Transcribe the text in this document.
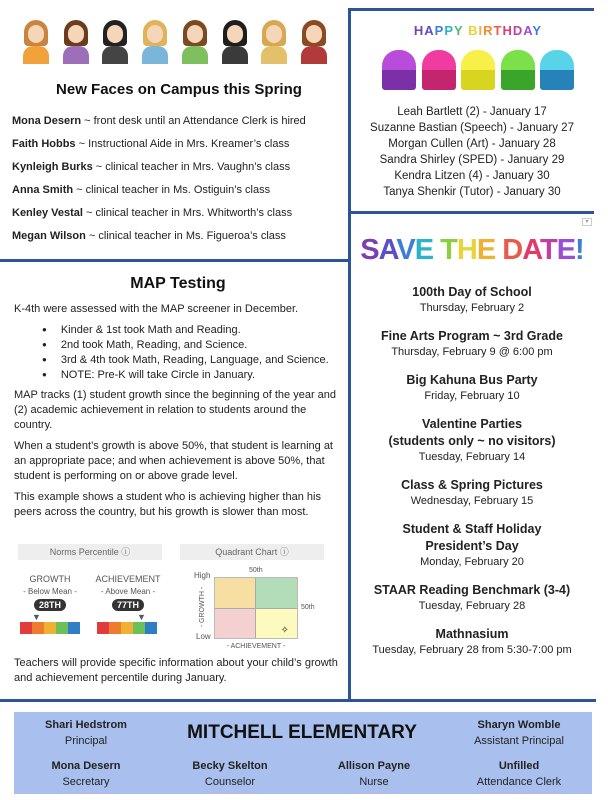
New Faces on Campus this Spring

Mona Desern ~ front desk until an Attendance Clerk is hired

Faith Hobbs ~ Instructional Aide in Mrs. Kreamer’s class

Kynleigh Burks ~ clinical teacher in Mrs. Vaughn’s class

Anna Smith ~ clinical teacher in Ms. Ostiguin’s class

Kenley Vestal ~ clinical teacher in Mrs. Whitworth’s class

Megan Wilson ~ clinical teacher in Ms. Figueroa’s class

MAP Testing

K-4th were assessed with the MAP screener in December.

● Kinder & 1st took Math and Reading.
● 2nd took Math, Reading, and Science.
● 3rd & 4th took Math, Reading, Language, and Science.
● NOTE: Pre-K will take Circle in January.

MAP tracks (1) student growth since the beginning of the year and (2) academic achievement in relation to students around the country.

When a student’s growth is above 50%, that student is learning at an appropriate pace; and when achievement is above 50%, that student is performing on or above grade level.

This example shows a student who is achieving higher than his peers across the country, but his growth is slower than most.

Norms Percentile ⓘ
GROWTH
- Below Mean -
28TH
▼
ACHIEVEMENT
- Above Mean -
77TH
▼
Quadrant Chart ⓘ
✧
High
Low
50th
50th
- GROWTH -
- ACHIEVEMENT -

Teachers will provide specific information about your child’s growth and achievement percentile during January.

HAPPY BIRTHDAY
Leah Bartlett (2) - January 17
Suzanne Bastian (Speech) - January 27
Morgan Cullen (Art) - January 28
Sandra Shirley (SPED) - January 29
Kendra Litzen (4) - January 30
Tanya Shenkir (Tutor) - January 30
▾
SAVE THE DATE!
100th Day of School
Thursday, February 2
Fine Arts Program ~ 3rd Grade
Thursday, February 9 @ 6:00 pm
Big Kahuna Bus Party
Friday, February 10
Valentine Parties
(students only ~ no visitors)
Tuesday, February 14
Class & Spring Pictures
Wednesday, February 15
Student & Staff Holiday
President’s Day
Monday, February 20
STAAR Reading Benchmark (3-4)
Tuesday, February 28
Mathnasium
Tuesday, February 28 from 5:30-7:00 pm
Shari Hedstrom
Principal	MITCHELL ELEMENTARY	Sharyn Womble
Assistant Principal
Mona Desern
Secretary
Becky Skelton
Counselor
Allison Payne
Nurse
Unfilled
Attendance Clerk
